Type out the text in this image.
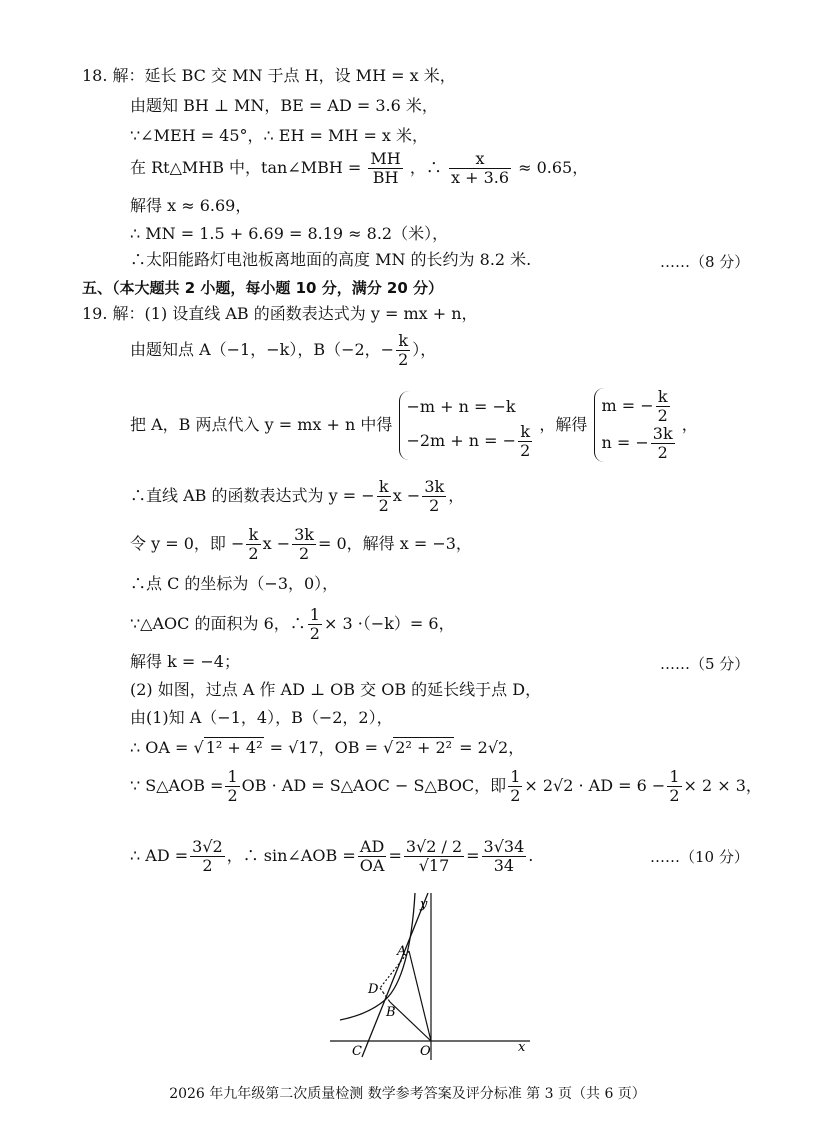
18. 解：延长 BC 交 MN 于点 H，设 MH = x 米，
由题知 BH ⊥ MN，BE = AD = 3.6 米，
∵∠MEH = 45°，∴ EH = MH = x 米，
在 Rt△MHB 中，tan∠MBH = $\frac{MH}{BH}$ ，∴ $\frac{x}{x + 3.6} \approx 0.65$，
解得 x ≈ 6.69，
∴ MN = 1.5 + 6.69 = 8.19 ≈ 8.2（米），
∴太阳能路灯电池板离地面的高度 MN 的长约为 8.2 米.	……（8 分）
五、（本大题共 2 小题，每小题 10 分，满分 20 分）
19. 解：(1) 设直线 AB 的函数表达式为 y = mx + n，
由题知点 A（−1，−k），B（−2，− $\frac{k}{2}$ ），
把 A，B 两点代入 y = mx + n 中得
−m + n = −k
−2m + n = − $\frac{k}{2}$ ，解得
m = − $\frac{k}{2}$
n = − $\frac{3k}{2}$
，
∴直线 AB 的函数表达式为 y = − $\frac{k}{2}$ $x - \frac{3k}{2}$ ，
令 y = 0，即 − $\frac{k}{2}$ $x - \frac{3k}{2} = 0$，解得 x = −3，
∴点 C 的坐标为（−3，0），
∵△AOC 的面积为 6，∴ $\frac{1}{2} \times 3 \cdot(-k)= 6$，
解得 k = −4；	……（5 分）
(2) 如图，过点 A 作 AD ⊥ OB 交 OB 的延长线于点 D，
由(1)知 A（−1，4），B（−2，2），
∴ OA = √ 1² + 4² = √17，OB = √ 2² + 2² = 2√2，
∵ S△AOB = $\frac{1}{2}$ OB · AD = S△AOC − S△BOC，即 $\frac{1}{2} \times 2√2$ · AD = $6 - \frac{1}{2} \times 2 \times 3$，
∴ AD = $\frac{3√2}{2}$ ，∴ sin∠AOB = $\frac{AD}{OA} = \frac{3√2 / 2}{√17} = \frac{3√34}{34}$ .	……（10 分）
y
x
A
D
B
C	O
2026 年九年级第二次质量检测 数学参考答案及评分标准 第 3 页（共 6 页）
